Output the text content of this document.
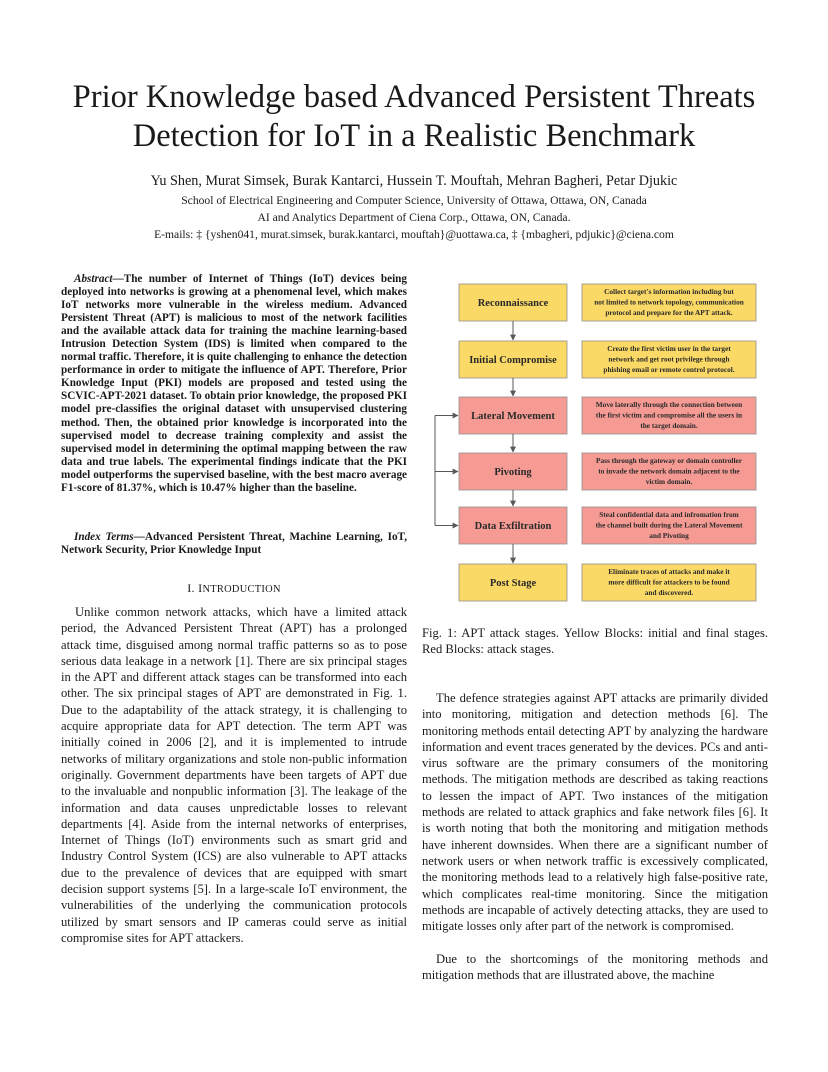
Prior Knowledge based Advanced Persistent Threats
Detection for IoT in a Realistic Benchmark
Yu Shen, Murat Simsek, Burak Kantarci, Hussein T. Mouftah, Mehran Bagheri, Petar Djukic
School of Electrical Engineering and Computer Science, University of Ottawa, Ottawa, ON, Canada
AI and Analytics Department of Ciena Corp., Ottawa, ON, Canada.
E-mails: ‡ {yshen041, murat.simsek, burak.kantarci, mouftah}@uottawa.ca, ‡ {mbagheri, pdjukic}@ciena.com

Abstract—The number of Internet of Things (IoT) devices being deployed into networks is growing at a phenomenal level, which makes IoT networks more vulnerable in the wireless medium. Advanced Persistent Threat (APT) is malicious to most of the network facilities and the available attack data for training the machine learning-based Intrusion Detection System (IDS) is limited when compared to the normal traffic. Therefore, it is quite challenging to enhance the detection performance in order to mitigate the influence of APT. Therefore, Prior Knowledge Input (PKI) models are proposed and tested using the SCVIC-APT-2021 dataset. To obtain prior knowledge, the proposed PKI model pre-classifies the original dataset with unsupervised clustering method. Then, the obtained prior knowledge is incorporated into the supervised model to decrease training complexity and assist the supervised model in determining the optimal mapping between the raw data and true labels. The experimental findings indicate that the PKI model outperforms the supervised baseline, with the best macro average F1-score of 81.37%, which is 10.47% higher than the baseline.

Index Terms—Advanced Persistent Threat, Machine Learning, IoT, Network Security, Prior Knowledge Input

I. INTRODUCTION

Unlike common network attacks, which have a limited attack period, the Advanced Persistent Threat (APT) has a prolonged attack time, disguised among normal traffic patterns so as to pose serious data leakage in a network [1]. There are six principal stages in the APT and different attack stages can be transformed into each other. The six principal stages of APT are demonstrated in Fig. 1. Due to the adaptability of the attack strategy, it is challenging to acquire appropriate data for APT detection. The term APT was initially coined in 2006 [2], and it is implemented to intrude networks of military organizations and stole non-public information originally. Government departments have been targets of APT due to the invaluable and nonpublic information [3]. The leakage of the information and data causes unpredictable losses to relevant departments [4]. Aside from the internal networks of enterprises, Internet of Things (IoT) environments such as smart grid and Industry Control System (ICS) are also vulnerable to APT attacks due to the prevalence of devices that are equipped with smart decision support systems [5]. In a large-scale IoT environment, the vulnerabilities of the underlying the communication protocols utilized by smart sensors and IP cameras could serve as initial compromise sites for APT attackers.

Reconnaissance
Collect target's information including but not limited to network topology, communication protocol and prepare for the APT attack.
Initial Compromise
Create the first victim user in the target network and get root privilege through phishing email or remote control protocol.
Lateral Movement
Move laterally through the connection between the first victim and compromise all the users in the target domain.
Pivoting
Pass through the gateway or domain controller to invade the network domain adjacent to the victim domain.
Data Exfiltration
Steal confidential data and infromation from the channel built during the Lateral Movement and Pivoting
Post Stage
Eliminate traces of attacks and make it more difficult for attackers to be found and discovered.

Fig. 1: APT attack stages. Yellow Blocks: initial and final stages. Red Blocks: attack stages.

The defence strategies against APT attacks are primarily divided into monitoring, mitigation and detection methods [6]. The monitoring methods entail detecting APT by analyzing the hardware information and event traces generated by the devices. PCs and anti-virus software are the primary consumers of the monitoring methods. The mitigation methods are described as taking reactions to lessen the impact of APT. Two instances of the mitigation methods are related to attack graphics and fake network files [6]. It is worth noting that both the monitoring and mitigation methods have inherent downsides. When there are a significant number of network users or when network traffic is excessively complicated, the monitoring methods lead to a relatively high false-positive rate, which complicates real-time monitoring. Since the mitigation methods are incapable of actively detecting attacks, they are used to mitigate losses only after part of the network is compromised.

Due to the shortcomings of the monitoring methods and mitigation methods that are illustrated above, the machine
